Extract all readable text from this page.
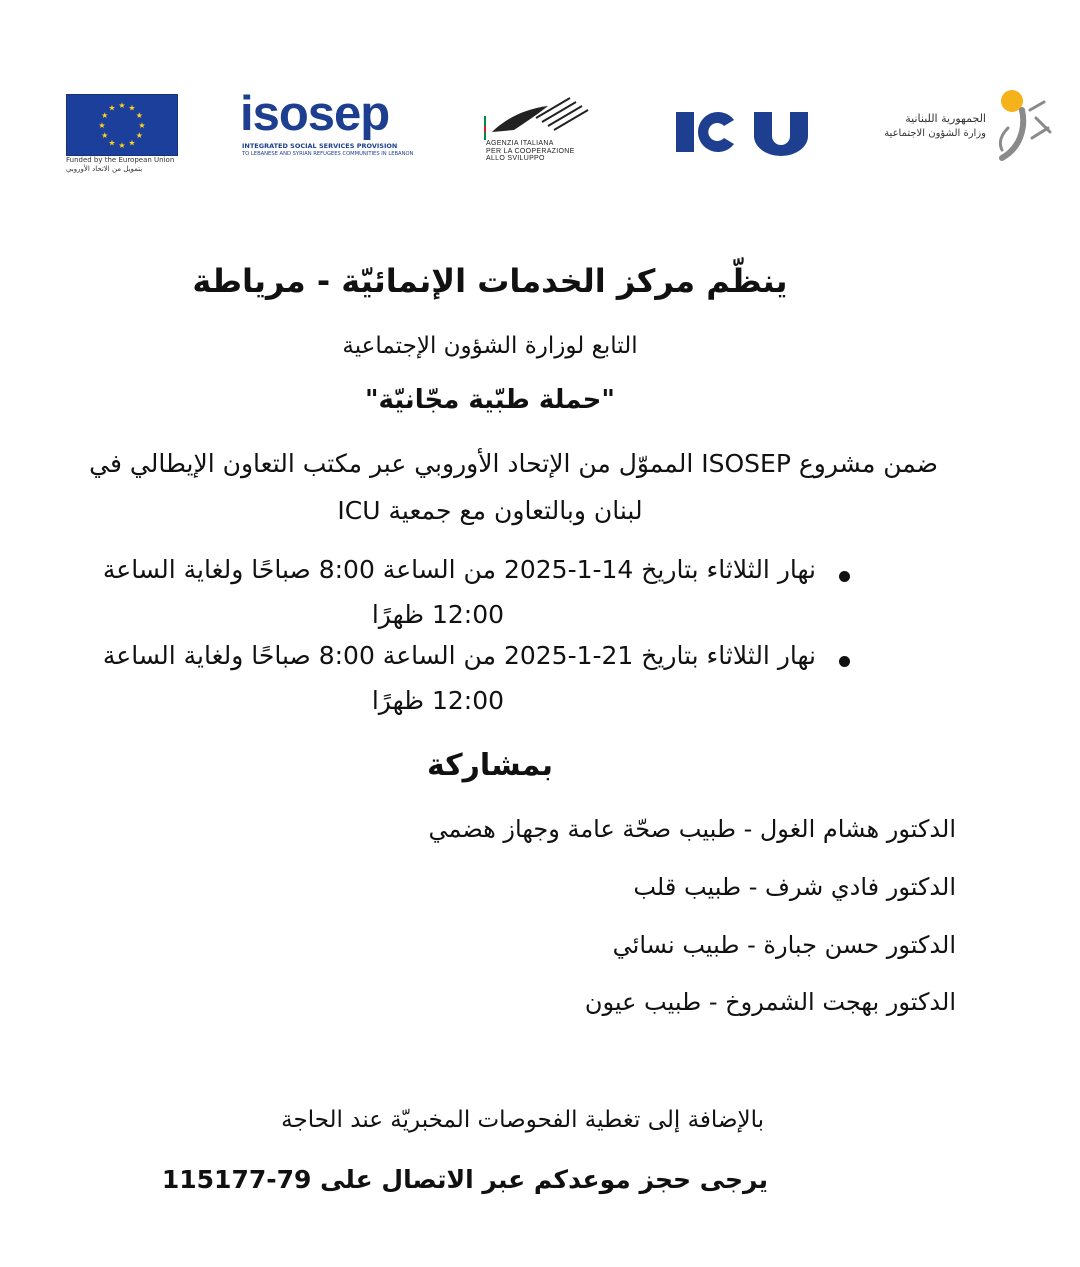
★ ★
★
★
★
★
★
★
★
★
★
★
Funded by the European Union
بتمويل من الاتحاد الأوروبي
isosep
INTEGRATED SOCIAL SERVICES PROVISION
TO LEBANESE AND SYRIAN REFUGEES COMMUNITIES IN LEBANON
AGENZIA ITALIANA
PER LA COOPERAZIONE
ALLO SVILUPPO
الجمهورية اللبنانية
وزارة الشؤون الاجتماعية
ينظّم مركز الخدمات الإنمائيّة - مرياطة
التابع لوزارة الشؤون الإجتماعية
"حملة طبّية مجّانيّة"
ضمن مشروع ISOSEP المموّل من الإتحاد الأوروبي عبر مكتب التعاون الإيطالي في
لبنان وبالتعاون مع جمعية ICU
نهار الثلاثاء بتاريخ 14-1-2025 من الساعة 8:00 صباحًا ولغاية الساعة
12:00 ظهرًا
نهار الثلاثاء بتاريخ 21-1-2025 من الساعة 8:00 صباحًا ولغاية الساعة
12:00 ظهرًا
بمشاركة
الدكتور هشام الغول - طبيب صحّة عامة وجهاز هضمي
الدكتور فادي شرف - طبيب قلب
الدكتور حسن جبارة - طبيب نسائي
الدكتور بهجت الشمروخ - طبيب عيون
بالإضافة إلى تغطية الفحوصات المخبريّة عند الحاجة
يرجى حجز موعدكم عبر الاتصال على 79-115177
